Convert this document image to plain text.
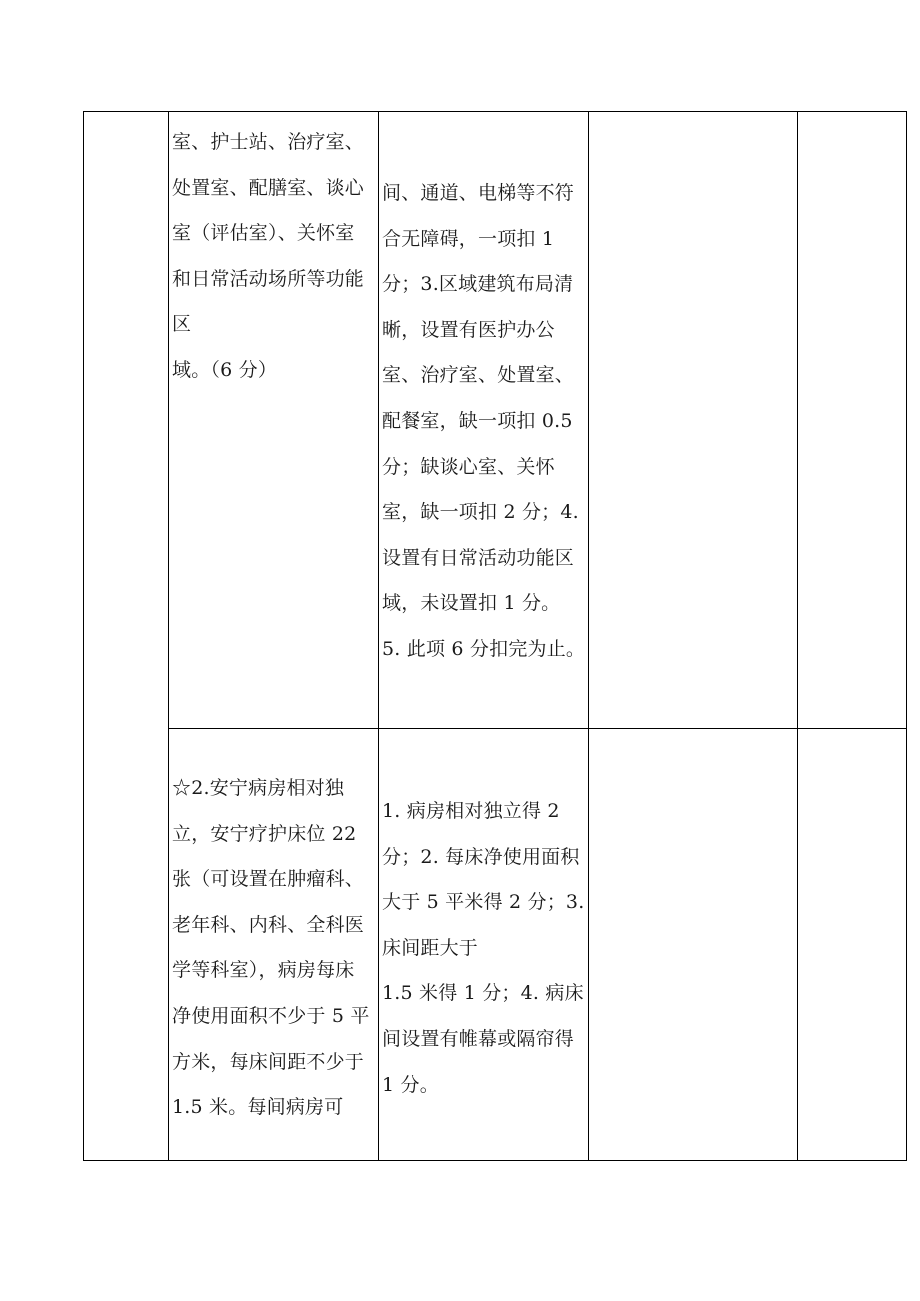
室、护士站、治疗室、
处置室、配膳室、谈心
室（评估室）、关怀室
和日常活动场所等功能
区
域。（6 分）
间、通道、电梯等不符
合无障碍，一项扣 1
分；3.区域建筑布局清
晰，设置有医护办公
室、治疗室、处置室、
配餐室，缺一项扣 0.5
分；缺谈心室、关怀
室，缺一项扣 2 分；4.
设置有日常活动功能区
域，未设置扣 1 分。
5. 此项 6 分扣完为止。
☆2.安宁病房相对独
立，安宁疗护床位 22
张（可设置在肿瘤科、
老年科、内科、全科医
学等科室），病房每床
净使用面积不少于 5 平
方米，每床间距不少于
1.5 米。每间病房可
1. 病房相对独立得 2
分；2. 每床净使用面积
大于 5 平米得 2 分；3.
床间距大于
1.5 米得 1 分；4. 病床
间设置有帷幕或隔帘得
1 分。
